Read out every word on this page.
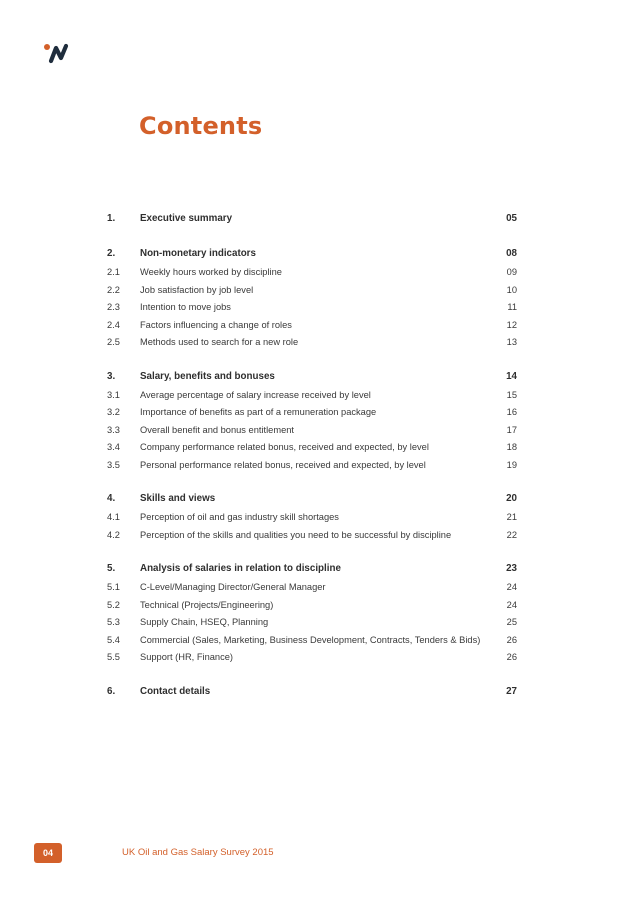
Contents
1.	Executive summary	05
2.	Non-monetary indicators	08
2.1 Weekly hours worked by discipline	09
2.2 Job satisfaction by job level	10
2.3 Intention to move jobs	11
2.4 Factors influencing a change of roles	12
2.5 Methods used to search for a new role	13
3.	Salary, benefits and bonuses	14
3.1 Average percentage of salary increase received by level	15
3.2 Importance of benefits as part of a remuneration package	16
3.3 Overall benefit and bonus entitlement	17
3.4 Company performance related bonus, received and expected, by level	18
3.5 Personal performance related bonus, received and expected, by level	19
4.	Skills and views	20
4.1 Perception of oil and gas industry skill shortages	21
4.2 Perception of the skills and qualities you need to be successful by discipline	22
5.	Analysis of salaries in relation to discipline	23
5.1 C-Level/Managing Director/General Manager	24
5.2 Technical (Projects/Engineering)	24
5.3 Supply Chain, HSEQ, Planning	25
5.4 Commercial (Sales, Marketing, Business Development, Contracts, Tenders & Bids)	26
5.5 Support (HR, Finance)	26
6.	Contact details	27
04	UK Oil and Gas Salary Survey 2015
